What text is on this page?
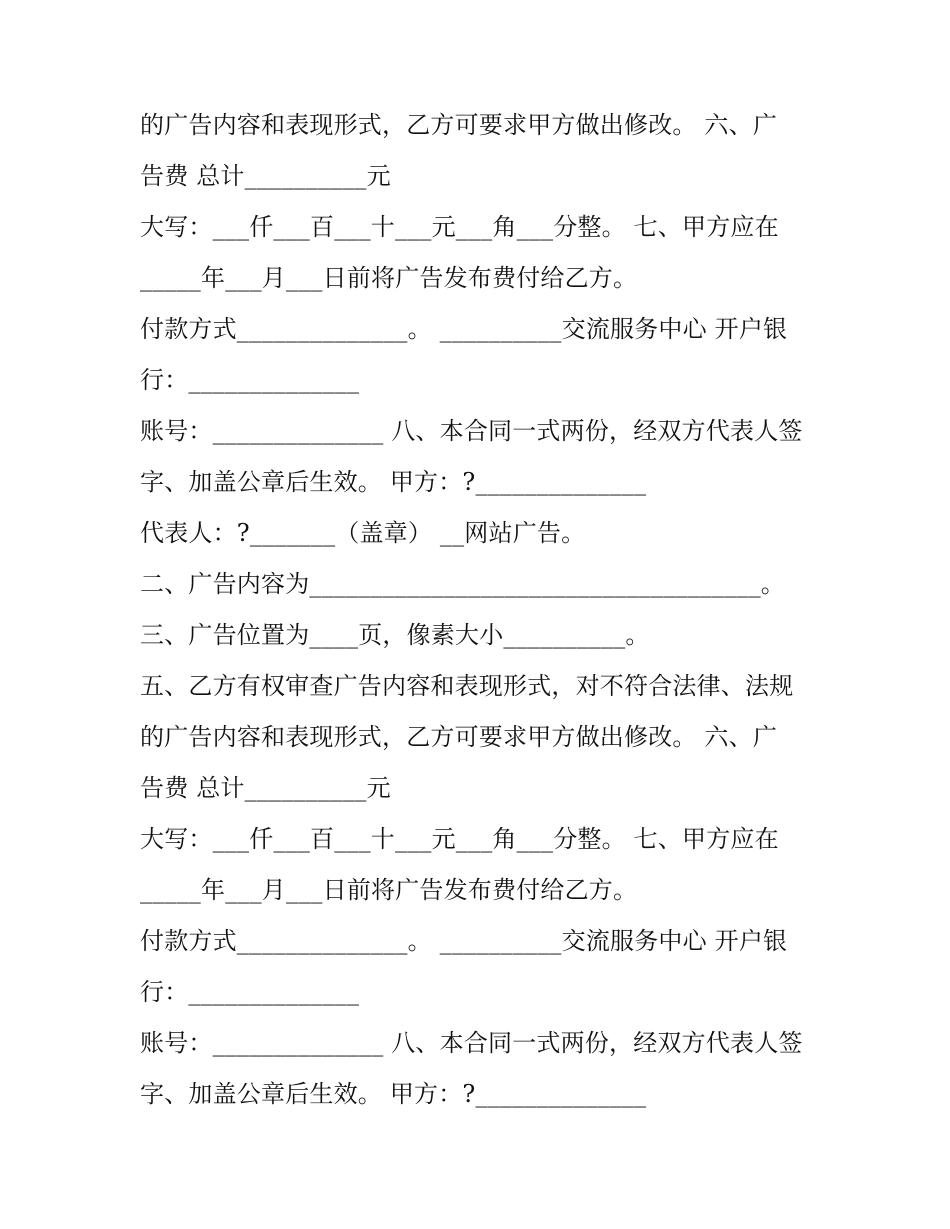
的广告内容和表现形式，乙方可要求甲方做出修改。 六、广
告费 总计__________元
大写：___仟___百___十___元___角___分整。 七、甲方应在
_____年___月___日前将广告发布费付给乙方。
付款方式______________。 __________交流服务中心 开户银
行：______________
账号：______________ 八、本合同一式两份，经双方代表人签
字、加盖公章后生效。 甲方：?______________
代表人：?_______（盖章） __网站广告。
二、广告内容为_____________________________________。
三、广告位置为____页，像素大小__________。
五、乙方有权审查广告内容和表现形式，对不符合法律、法规
的广告内容和表现形式，乙方可要求甲方做出修改。 六、广
告费 总计__________元
大写：___仟___百___十___元___角___分整。 七、甲方应在
_____年___月___日前将广告发布费付给乙方。
付款方式______________。 __________交流服务中心 开户银
行：______________
账号：______________ 八、本合同一式两份，经双方代表人签
字、加盖公章后生效。 甲方：?______________
